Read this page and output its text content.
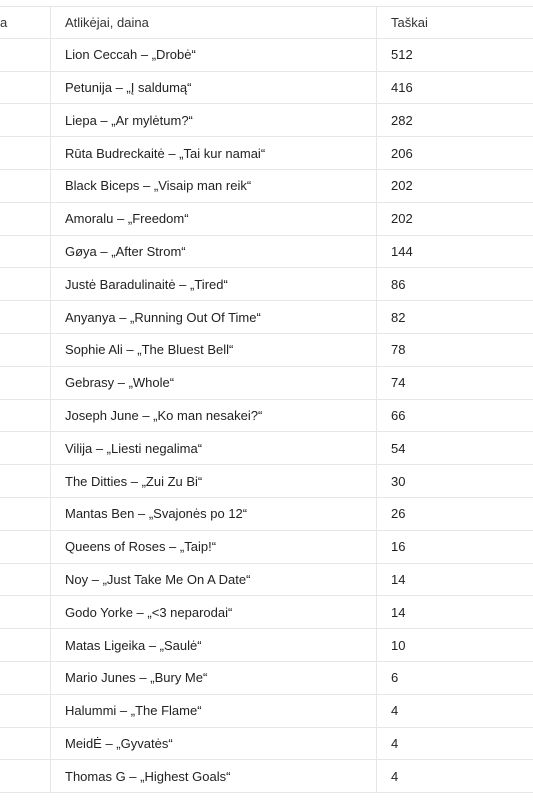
a	Atlikėjai, daina	Taškai
Lion Ceccah – „Drobė“	512
Petunija – „Į saldumą“	416
Liepa – „Ar mylėtum?“	282
Rūta Budreckaitė – „Tai kur namai“	206
Black Biceps – „Visaip man reik“	202
Amoralu – „Freedom“	202
Gøya – „After Strom“	144
Justė Baradulinaitė – „Tired“	86
Anyanya – „Running Out Of Time“	82
Sophie Ali – „The Bluest Bell“	78
Gebrasy – „Whole“	74
Joseph June – „Ko man nesakei?“	66
Vilija – „Liesti negalima“	54
The Ditties – „Zui Zu Bi“	30
Mantas Ben – „Svajonės po 12“	26
Queens of Roses – „Taip!“	16
Noy – „Just Take Me On A Date“	14
Godo Yorke – „<3 neparodai“	14
Matas Ligeika – „Saulė“	10
Mario Junes – „Bury Me“	6
Halummi – „The Flame“	4
MeidĖ – „Gyvatės“	4
Thomas G – „Highest Goals“	4
